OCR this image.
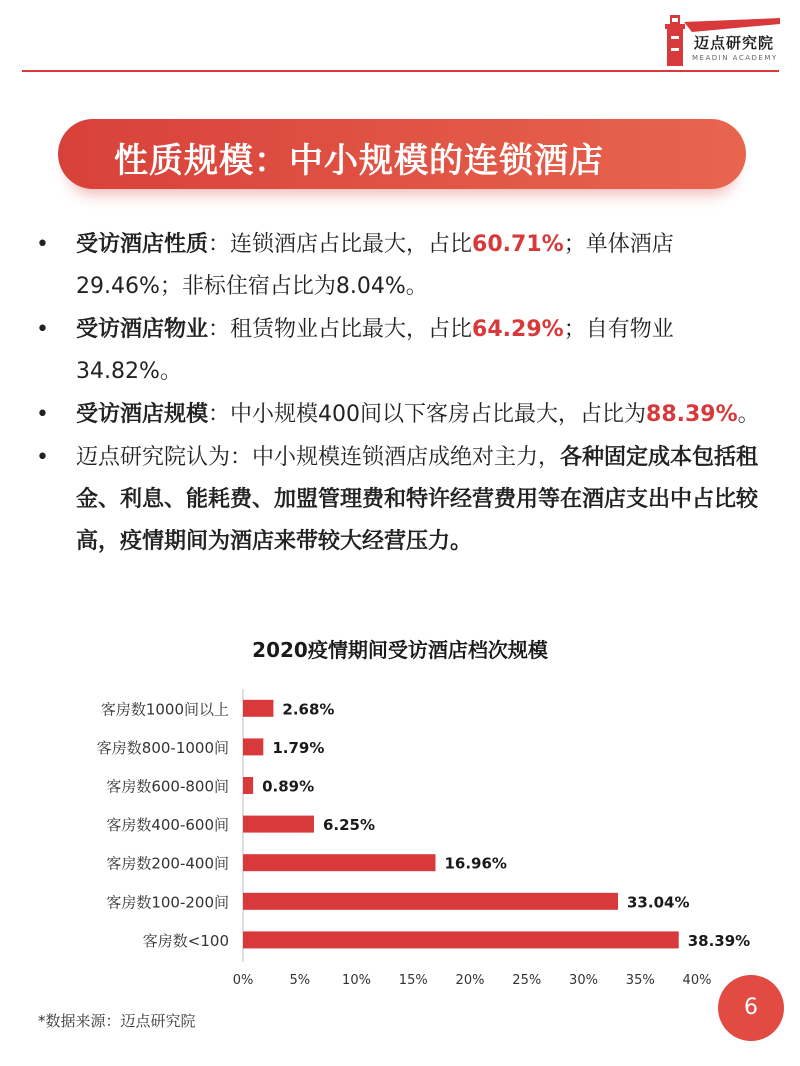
迈点研究院
MEADIN ACADEMY
性质规模：中小规模的连锁酒店
• 受访酒店性质：连锁酒店占比最大，占比60.71%；单体酒店29.46%；非标住宿占比为8.04%。
• 受访酒店物业：租赁物业占比最大，占比64.29%；自有物业34.82%。
• 受访酒店规模：中小规模400间以下客房占比最大，占比为88.39%。
• 迈点研究院认为：中小规模连锁酒店成绝对主力，各种固定成本包括租金、利息、能耗费、加盟管理费和特许经营费用等在酒店支出中占比较高，疫情期间为酒店来带较大经营压力。
2020疫情期间受访酒店档次规模
客房数1000间以上	2.68%
客房数800-1000间	1.79%
客房数600-800间 0.89%
客房数400-600间	6.25%
客房数200-400间	16.96%
客房数100-200间	33.04%
客房数<100	38.39%
0%	5% 10% 15% 20% 25% 30% 35% 40%
*数据来源：迈点研究院
6
